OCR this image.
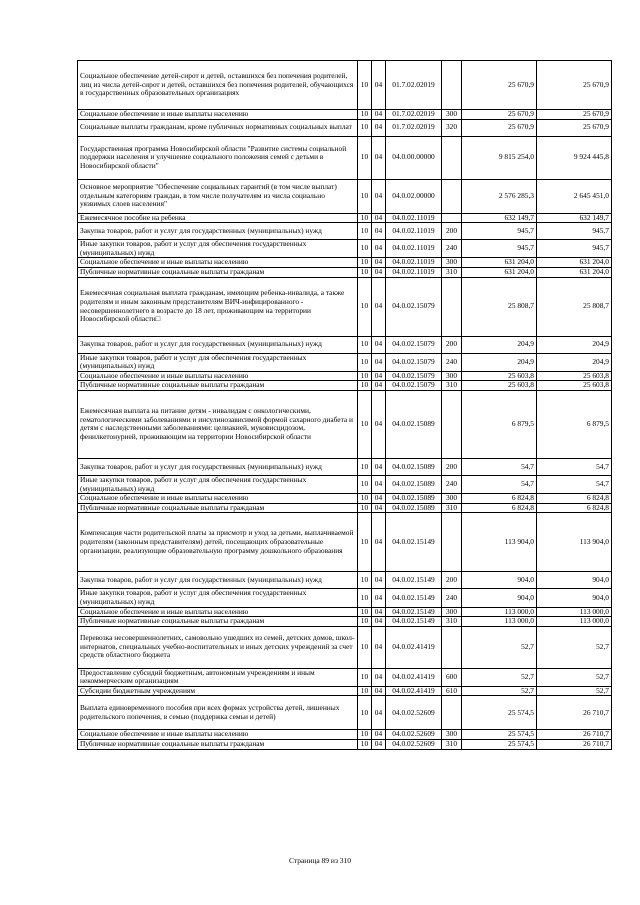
Социальное обеспечение детей-сирот и детей, оставшихся без попечения родителей, лиц из числа детей-сирот и детей, оставшихся без попечения родителей, обучающихся в государственных образовательных организациях	10	04	01.7.02.02019		25 670,9	25 670,9
Социальное обеспечение и иные выплаты населению	10	04	01.7.02.02019	300	25 670,9	25 670,9
Социальные выплаты гражданам, кроме публичных нормативных социальных выплат	10	04	01.7.02.02019	320	25 670,9	25 670,9
Государственная программа Новосибирской области "Развитие системы социальной поддержки населения и улучшение социального положения семей с детьми в Новосибирской области"	10	04	04.0.00.00000		9 815 254,0	9 924 445,8
Основное мероприятие "Обеспечение социальных гарантий (в том числе выплат) отдельным категориям граждан, в том числе получателям из числа социально уязвимых слоев населения"	10	04	04.0.02.00000		2 576 285,3	2 645 451,0
Ежемесячное пособие на ребенка	10	04	04.0.02.11019		632 149,7	632 149,7
Закупка товаров, работ и услуг для государственных (муниципальных) нужд	10	04	04.0.02.11019	200	945,7	945,7
Иные закупки товаров, работ и услуг для обеспечения государственных (муниципальных) нужд	10	04	04.0.02.11019	240	945,7	945,7
Социальное обеспечение и иные выплаты населению	10	04	04.0.02.11019	300	631 204,0	631 204,0
Публичные нормативные социальные выплаты гражданам	10	04	04.0.02.11019	310	631 204,0	631 204,0
Ежемесячная социальная выплата гражданам, имеющим ребенка-инвалида, а также родителям и иным законным представителям ВИЧ-инфицированного - несовершеннолетнего в возрасте до 18 лет, проживающим на территории Новосибирской области□	10	04	04.0.02.15079		25 808,7	25 808,7
Закупка товаров, работ и услуг для государственных (муниципальных) нужд	10	04	04.0.02.15079	200	204,9	204,9
Иные закупки товаров, работ и услуг для обеспечения государственных (муниципальных) нужд	10	04	04.0.02.15079	240	204,9	204,9
Социальное обеспечение и иные выплаты населению	10	04	04.0.02.15079	300	25 603,8	25 603,8
Публичные нормативные социальные выплаты гражданам	10	04	04.0.02.15079	310	25 603,8	25 603,8
Ежемесячная выплата на питание детям - инвалидам с онкологическими, гематологическими заболеваниями и инсулинозависимой формой сахарного диабета и детям с наследственными заболеваниями: целиакией, муковисцидозом, фенилкетонурией, проживающим на территории Новосибирской области	10	04	04.0.02.15089		6 879,5	6 879,5
Закупка товаров, работ и услуг для государственных (муниципальных) нужд	10	04	04.0.02.15089	200	54,7	54,7
Иные закупки товаров, работ и услуг для обеспечения государственных (муниципальных) нужд	10	04	04.0.02.15089	240	54,7	54,7
Социальное обеспечение и иные выплаты населению	10	04	04.0.02.15089	300	6 824,8	6 824,8
Публичные нормативные социальные выплаты гражданам	10	04	04.0.02.15089	310	6 824,8	6 824,8
Компенсация части родительской платы за присмотр и уход за детьми, выплачиваемой родителям (законным представителям) детей, посещающих образовательные организации, реализующие образовательную программу дошкольного образования	10	04	04.0.02.15149		113 904,0	113 904,0
Закупка товаров, работ и услуг для государственных (муниципальных) нужд	10	04	04.0.02.15149	200	904,0	904,0
Иные закупки товаров, работ и услуг для обеспечения государственных (муниципальных) нужд	10	04	04.0.02.15149	240	904,0	904,0
Социальное обеспечение и иные выплаты населению	10	04	04.0.02.15149	300	113 000,0	113 000,0
Публичные нормативные социальные выплаты гражданам	10	04	04.0.02.15149	310	113 000,0	113 000,0
Перевозка несовершеннолетних, самовольно ушедших из семей, детских домов, школ-интернатов, специальных учебно-воспитательных и иных детских учреждений за счет средств областного бюджета	10	04	04.0.02.41419		52,7	52,7
Предоставление субсидий бюджетным, автономным учреждениям и иным некоммерческим организациям	10	04	04.0.02.41419	600	52,7	52,7
Субсидии бюджетным учреждениям	10	04	04.0.02.41419	610	52,7	52,7
Выплата единовременного пособия при всех формах устройства детей, лишенных родительского попечения, в семью (поддержка семьи и детей)	10	04	04.0.02.52609		25 574,5	26 710,7
Социальное обеспечение и иные выплаты населению	10	04	04.0.02.52609	300	25 574,5	26 710,7
Публичные нормативные социальные выплаты гражданам	10	04	04.0.02.52609	310	25 574,5	26 710,7
Страница 89 из 310
